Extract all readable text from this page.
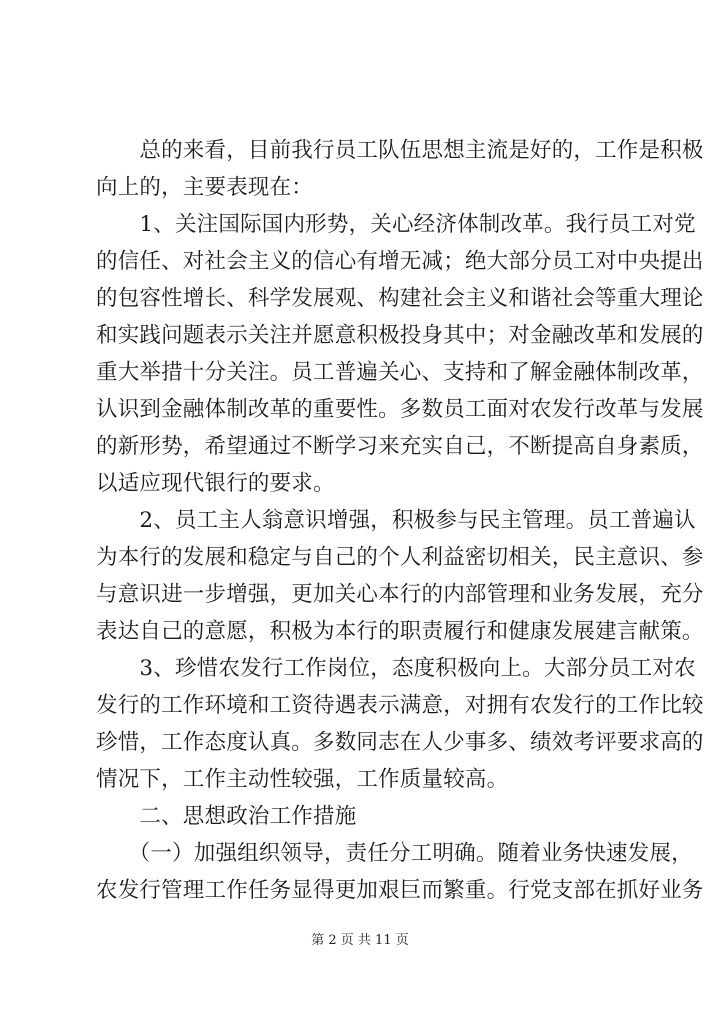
　　总的来看，目前我行员工队伍思想主流是好的，工作是积极
向上的，主要表现在：
　　1、关注国际国内形势，关心经济体制改革。我行员工对党
的信任、对社会主义的信心有增无减；绝大部分员工对中央提出
的包容性增长、科学发展观、构建社会主义和谐社会等重大理论
和实践问题表示关注并愿意积极投身其中；对金融改革和发展的
重大举措十分关注。员工普遍关心、支持和了解金融体制改革，
认识到金融体制改革的重要性。多数员工面对农发行改革与发展
的新形势，希望通过不断学习来充实自己，不断提高自身素质，
以适应现代银行的要求。
　　2、员工主人翁意识增强，积极参与民主管理。员工普遍认
为本行的发展和稳定与自己的个人利益密切相关，民主意识、参
与意识进一步增强，更加关心本行的内部管理和业务发展，充分
表达自己的意愿，积极为本行的职责履行和健康发展建言献策。
　　3、珍惜农发行工作岗位，态度积极向上。大部分员工对农
发行的工作环境和工资待遇表示满意，对拥有农发行的工作比较
珍惜，工作态度认真。多数同志在人少事多、绩效考评要求高的
情况下，工作主动性较强，工作质量较高。
　　二、思想政治工作措施
　　（一）加强组织领导，责任分工明确。随着业务快速发展，
农发行管理工作任务显得更加艰巨而繁重。行党支部在抓好业务
第 2 页 共 11 页
